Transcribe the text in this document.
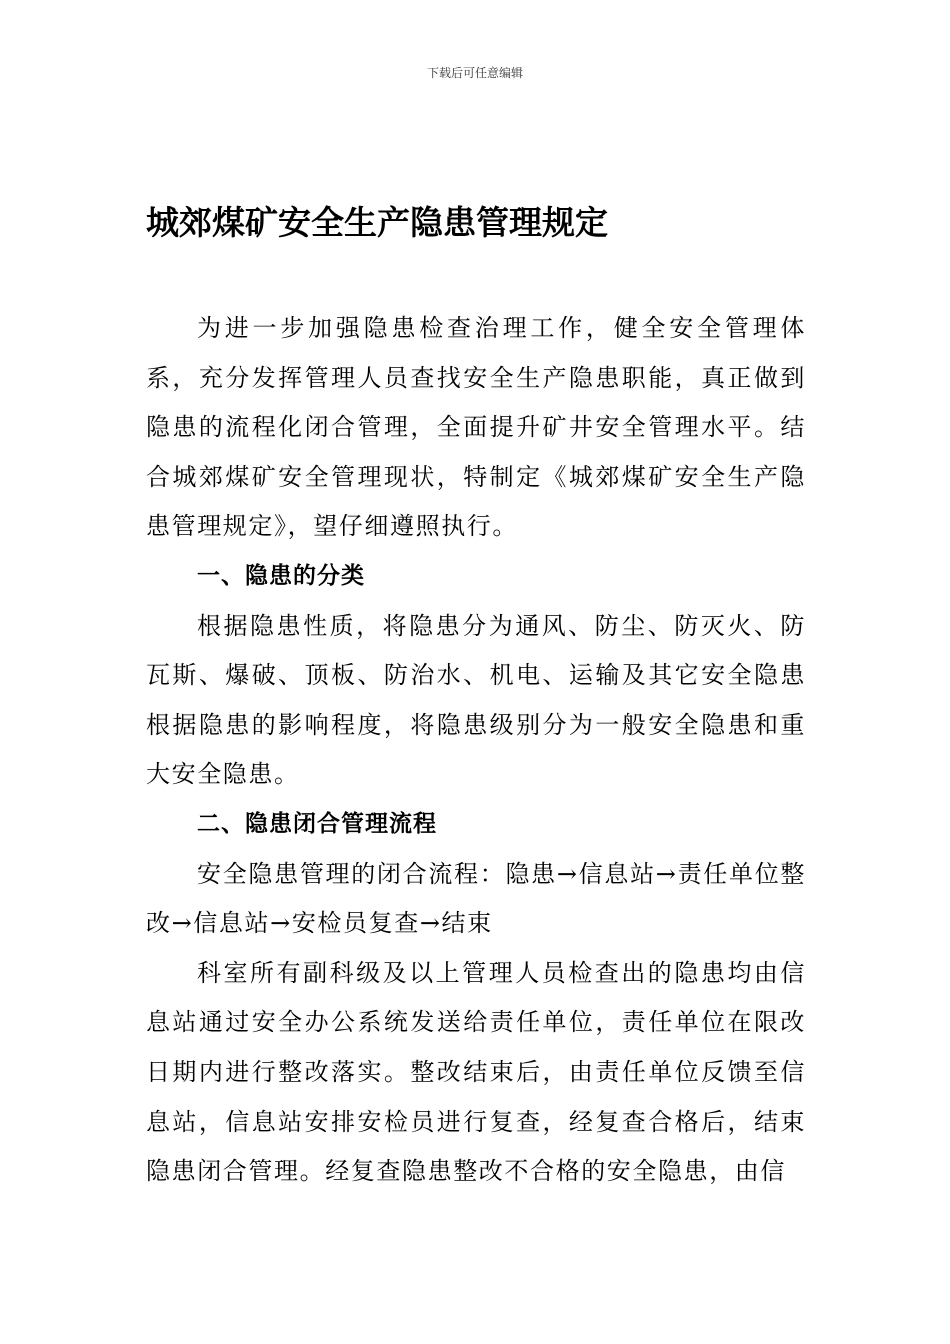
下载后可任意编辑
城郊煤矿安全生产隐患管理规定

为进一步加强隐患检查治理工作，健全安全管理体系，充分发挥管理人员查找安全生产隐患职能，真正做到隐患的流程化闭合管理，全面提升矿井安全管理水平。结合城郊煤矿安全管理现状，特制定《城郊煤矿安全生产隐患管理规定》，望仔细遵照执行。

一、隐患的分类

根据隐患性质，将隐患分为通风、防尘、防灭火、防瓦斯、爆破、顶板、防治水、机电、运输及其它安全隐患根据隐患的影响程度，将隐患级别分为一般安全隐患和重大安全隐患。

二、隐患闭合管理流程

安全隐患管理的闭合流程：隐患→信息站→责任单位整改→信息站→安检员复查→结束

科室所有副科级及以上管理人员检查出的隐患均由信息站通过安全办公系统发送给责任单位，责任单位在限改日期内进行整改落实。整改结束后，由责任单位反馈至信息站，信息站安排安检员进行复查，经复查合格后，结束隐患闭合管理。经复查隐患整改不合格的安全隐患，由信
